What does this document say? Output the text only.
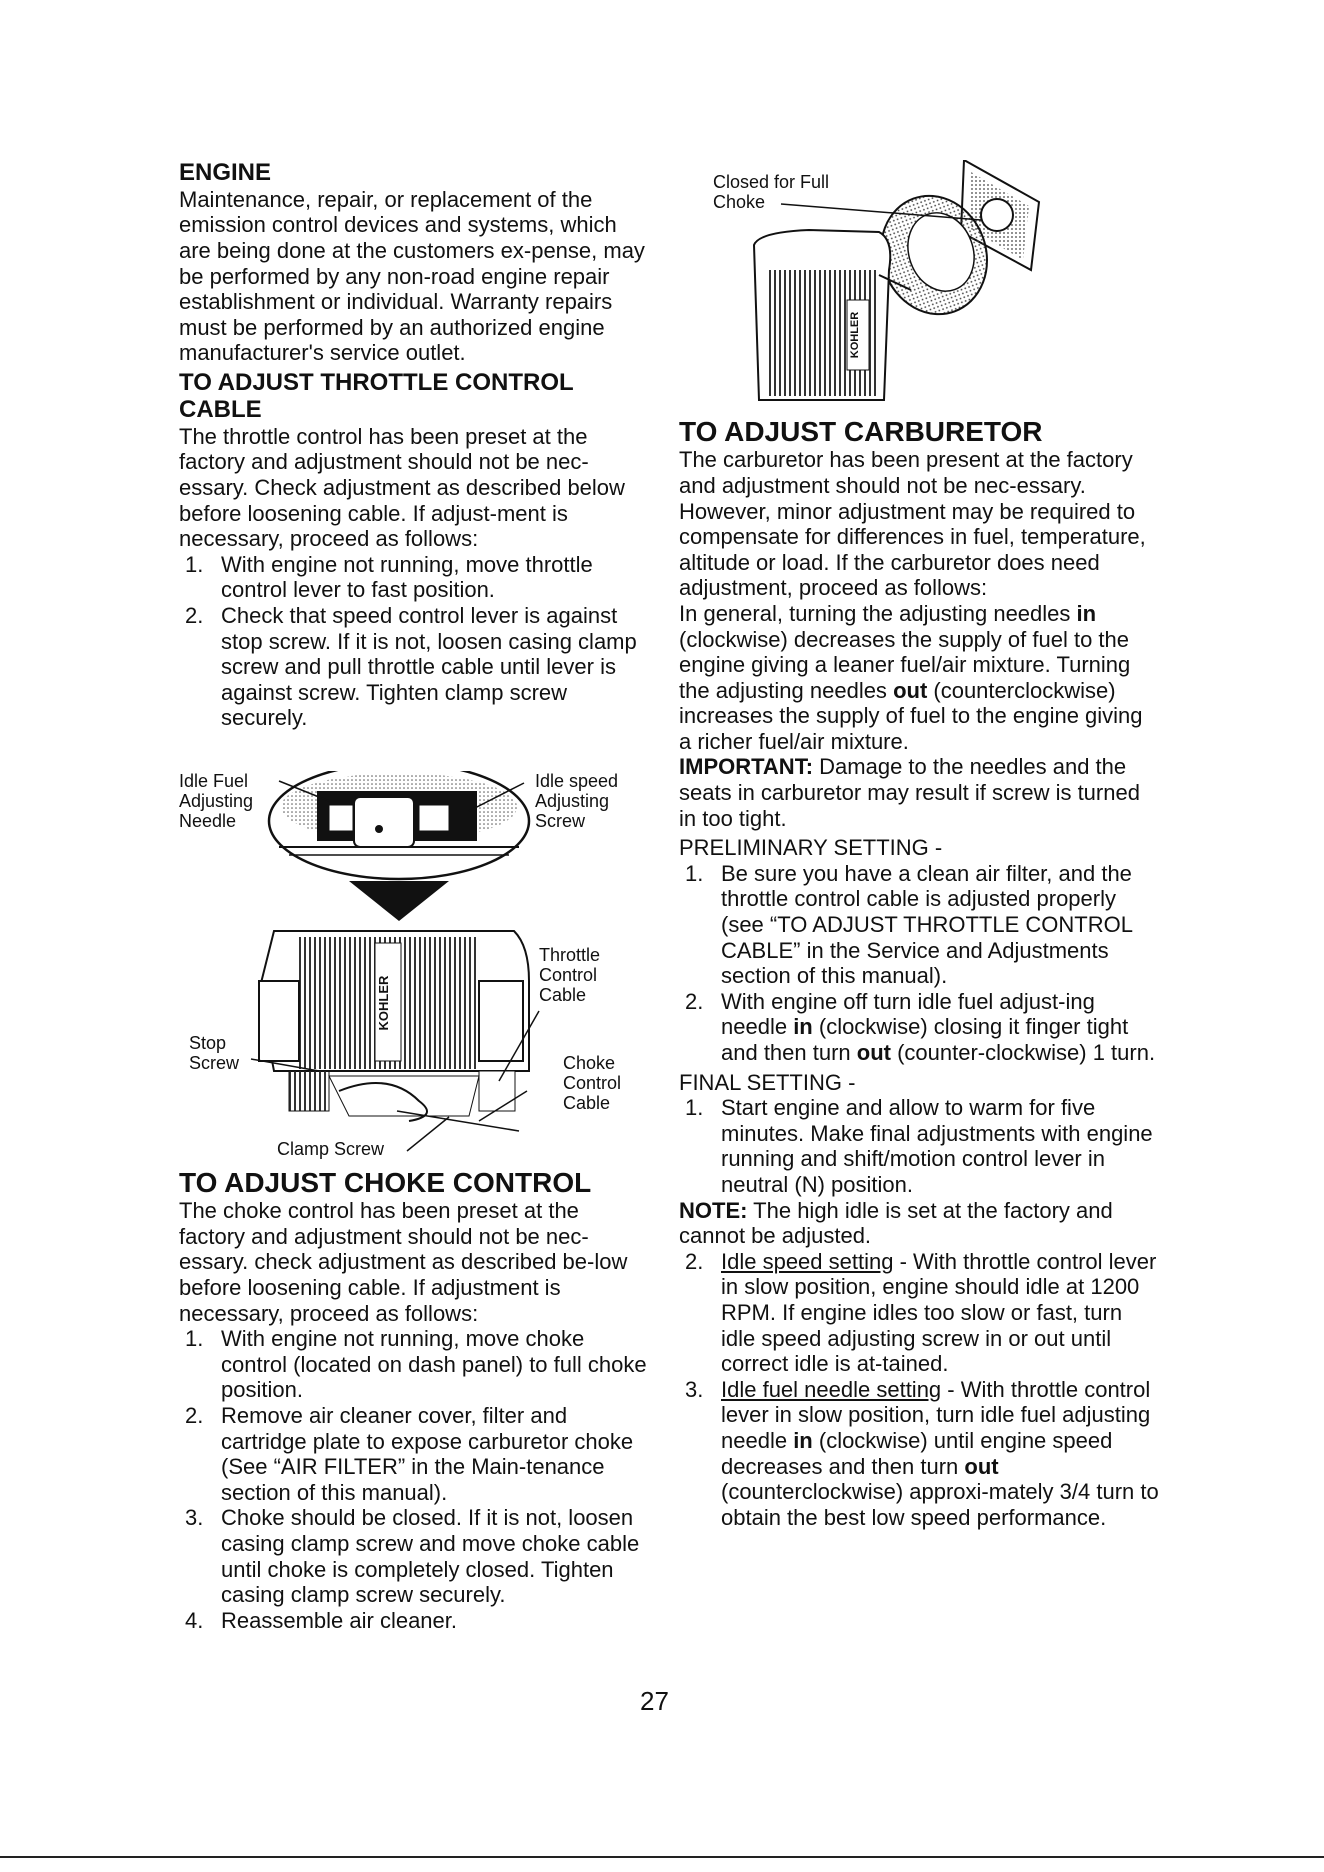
ENGINE

Maintenance, repair, or replacement of the emission control devices and systems, which are being done at the customers ex-pense, may be performed by any non-road engine repair establishment or individual. Warranty repairs must be performed by an authorized engine manufacturer's service outlet.

TO ADJUST THROTTLE CONTROL CABLE

The throttle control has been preset at the factory and adjustment should not be nec-essary. Check adjustment as described below before loosening cable. If adjust-ment is necessary, proceed as follows:

1. With engine not running, move throttle control lever to fast position.
2. Check that speed control lever is against stop screw. If it is not, loosen casing clamp screw and pull throttle cable until lever is against screw. Tighten clamp screw securely.
KOHLER
Idle Fuel
Adjusting
Needle
Idle speed
Adjusting
Screw
Throttle
Control
Cable
Stop
Screw	Choke
Control
Cable
Clamp Screw
TO ADJUST CHOKE CONTROL

The choke control has been preset at the factory and adjustment should not be nec-essary. check adjustment as described be-low before loosening cable. If adjustment is necessary, proceed as follows:

1. With engine not running, move choke control (located on dash panel) to full choke position.
2. Remove air cleaner cover, filter and cartridge plate to expose carburetor choke (See “AIR FILTER” in the Main-tenance section of this manual).
3. Choke should be closed. If it is not, loosen casing clamp screw and move choke cable until choke is completely closed. Tighten casing clamp screw securely.
4. Reassemble air cleaner.
KOHLER
Closed for Full
Choke
TO ADJUST CARBURETOR

The carburetor has been present at the factory and adjustment should not be nec-essary. However, minor adjustment may be required to compensate for differences in fuel, temperature, altitude or load. If the carburetor does need adjustment, proceed as follows:

In general, turning the adjusting needles in (clockwise) decreases the supply of fuel to the engine giving a leaner fuel/air mixture. Turning the adjusting needles out (counterclockwise) increases the supply of fuel to the engine giving a richer fuel/air mixture.

IMPORTANT: Damage to the needles and the seats in carburetor may result if screw is turned in too tight.

PRELIMINARY SETTING -

1. Be sure you have a clean air filter, and the throttle control cable is adjusted properly (see “TO ADJUST THROTTLE CONTROL CABLE” in the Service and Adjustments section of this manual).
2. With engine off turn idle fuel adjust-ing needle in (clockwise) closing it finger tight and then turn out (counter-clockwise) 1 turn.

FINAL SETTING -

1. Start engine and allow to warm for five minutes. Make final adjustments with engine running and shift/motion control lever in neutral (N) position.

NOTE: The high idle is set at the factory and cannot be adjusted.

2. Idle speed setting - With throttle control lever in slow position, engine should idle at 1200 RPM. If engine idles too slow or fast, turn idle speed adjusting screw in or out until correct idle is at-tained.
3. Idle fuel needle setting - With throttle control lever in slow position, turn idle fuel adjusting needle in (clockwise) until engine speed decreases and then turn out (counterclockwise) approxi-mately 3/4 turn to obtain the best low speed performance.
27
